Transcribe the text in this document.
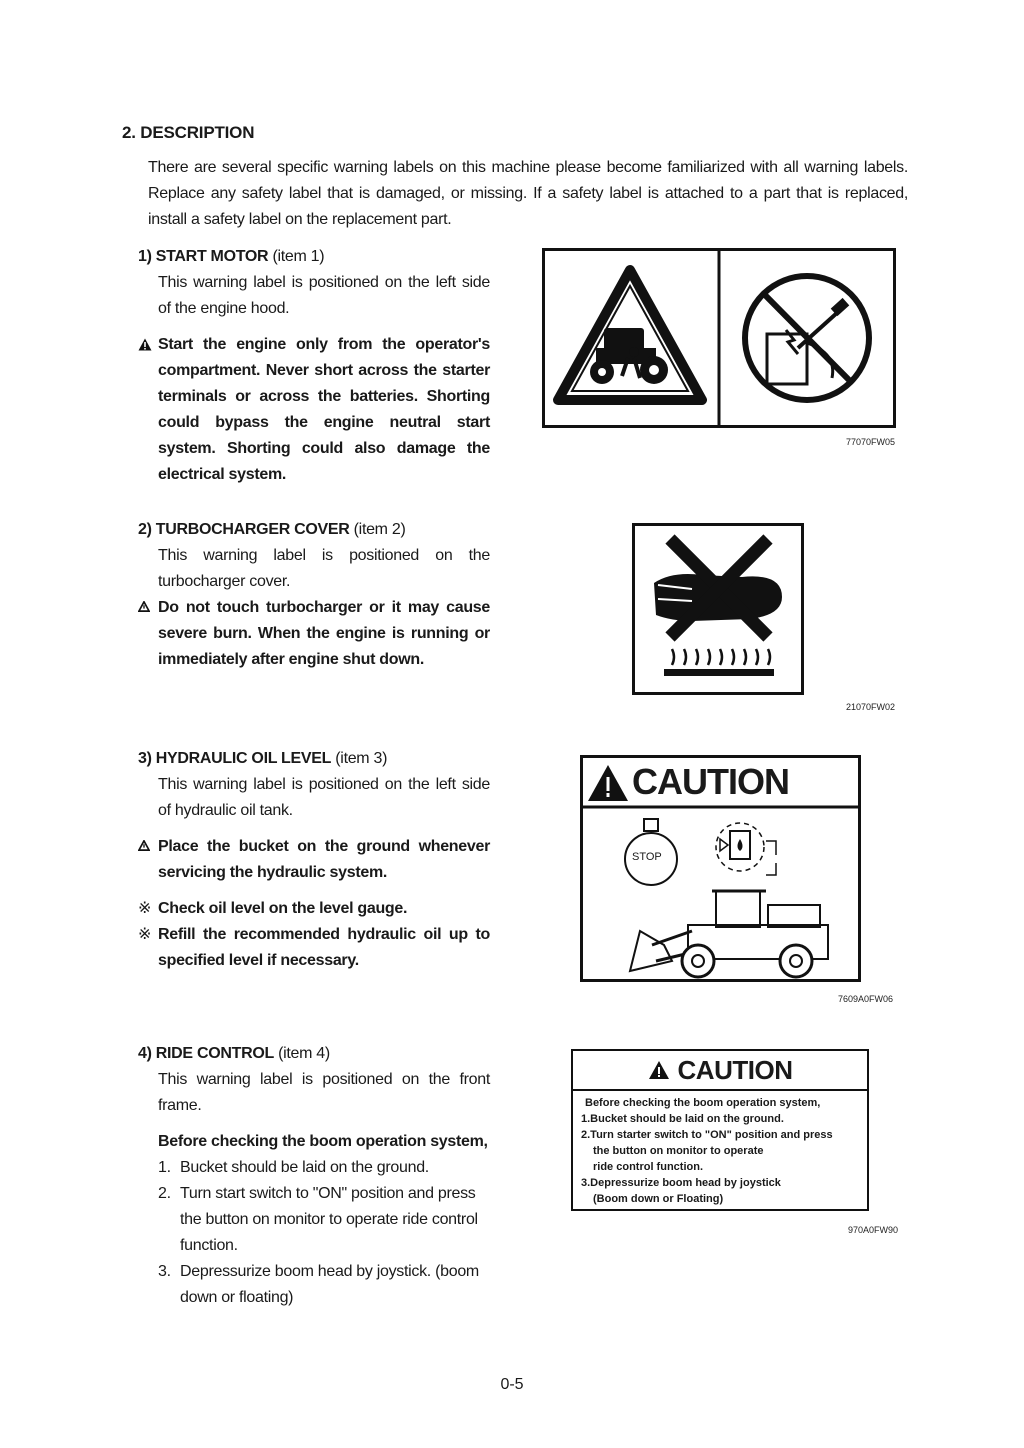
2. DESCRIPTION
There are several specific warning labels on this machine please become familiarized with all warning labels. Replace any safety label that is damaged, or missing. If a safety label is attached to a part that is replaced, install a safety label on the replacement part.
1) START MOTOR (item 1)
This warning label is positioned on the left side of the engine hood.
Start the engine only from the operator's compartment. Never short across the starter terminals or across the batteries. Shorting could bypass the engine neutral start system. Shorting could also damage the electrical system.
77070FW05
2) TURBOCHARGER COVER (item 2)
This warning label is positioned on the turbocharger cover.
Do not touch turbocharger or it may cause severe burn. When the engine is running or immediately after engine shut down.
21070FW02
3) HYDRAULIC OIL LEVEL (item 3)
This warning label is positioned on the left side of hydraulic oil tank.
Place the bucket on the ground whenever servicing the hydraulic system.
※ Check oil level on the level gauge.
※ Refill the recommended hydraulic oil up to specified level if necessary.
CAUTION
STOP
7609A0FW06
4) RIDE CONTROL (item 4)
This warning label is positioned on the front frame.
Before checking the boom operation system,
1. Bucket should be laid on the ground.
2. Turn start switch to "ON" position and press the button on monitor to operate ride control function.
3. Depressurize boom head by joystick. (boom down or floating)
CAUTION
Before checking the boom operation system,
1.Bucket should be laid on the ground.
2.Turn starter switch to "ON" position and press
the button on monitor to operate
ride control function.
3.Depressurize boom head by joystick
(Boom down or Floating)
970A0FW90
0-5
